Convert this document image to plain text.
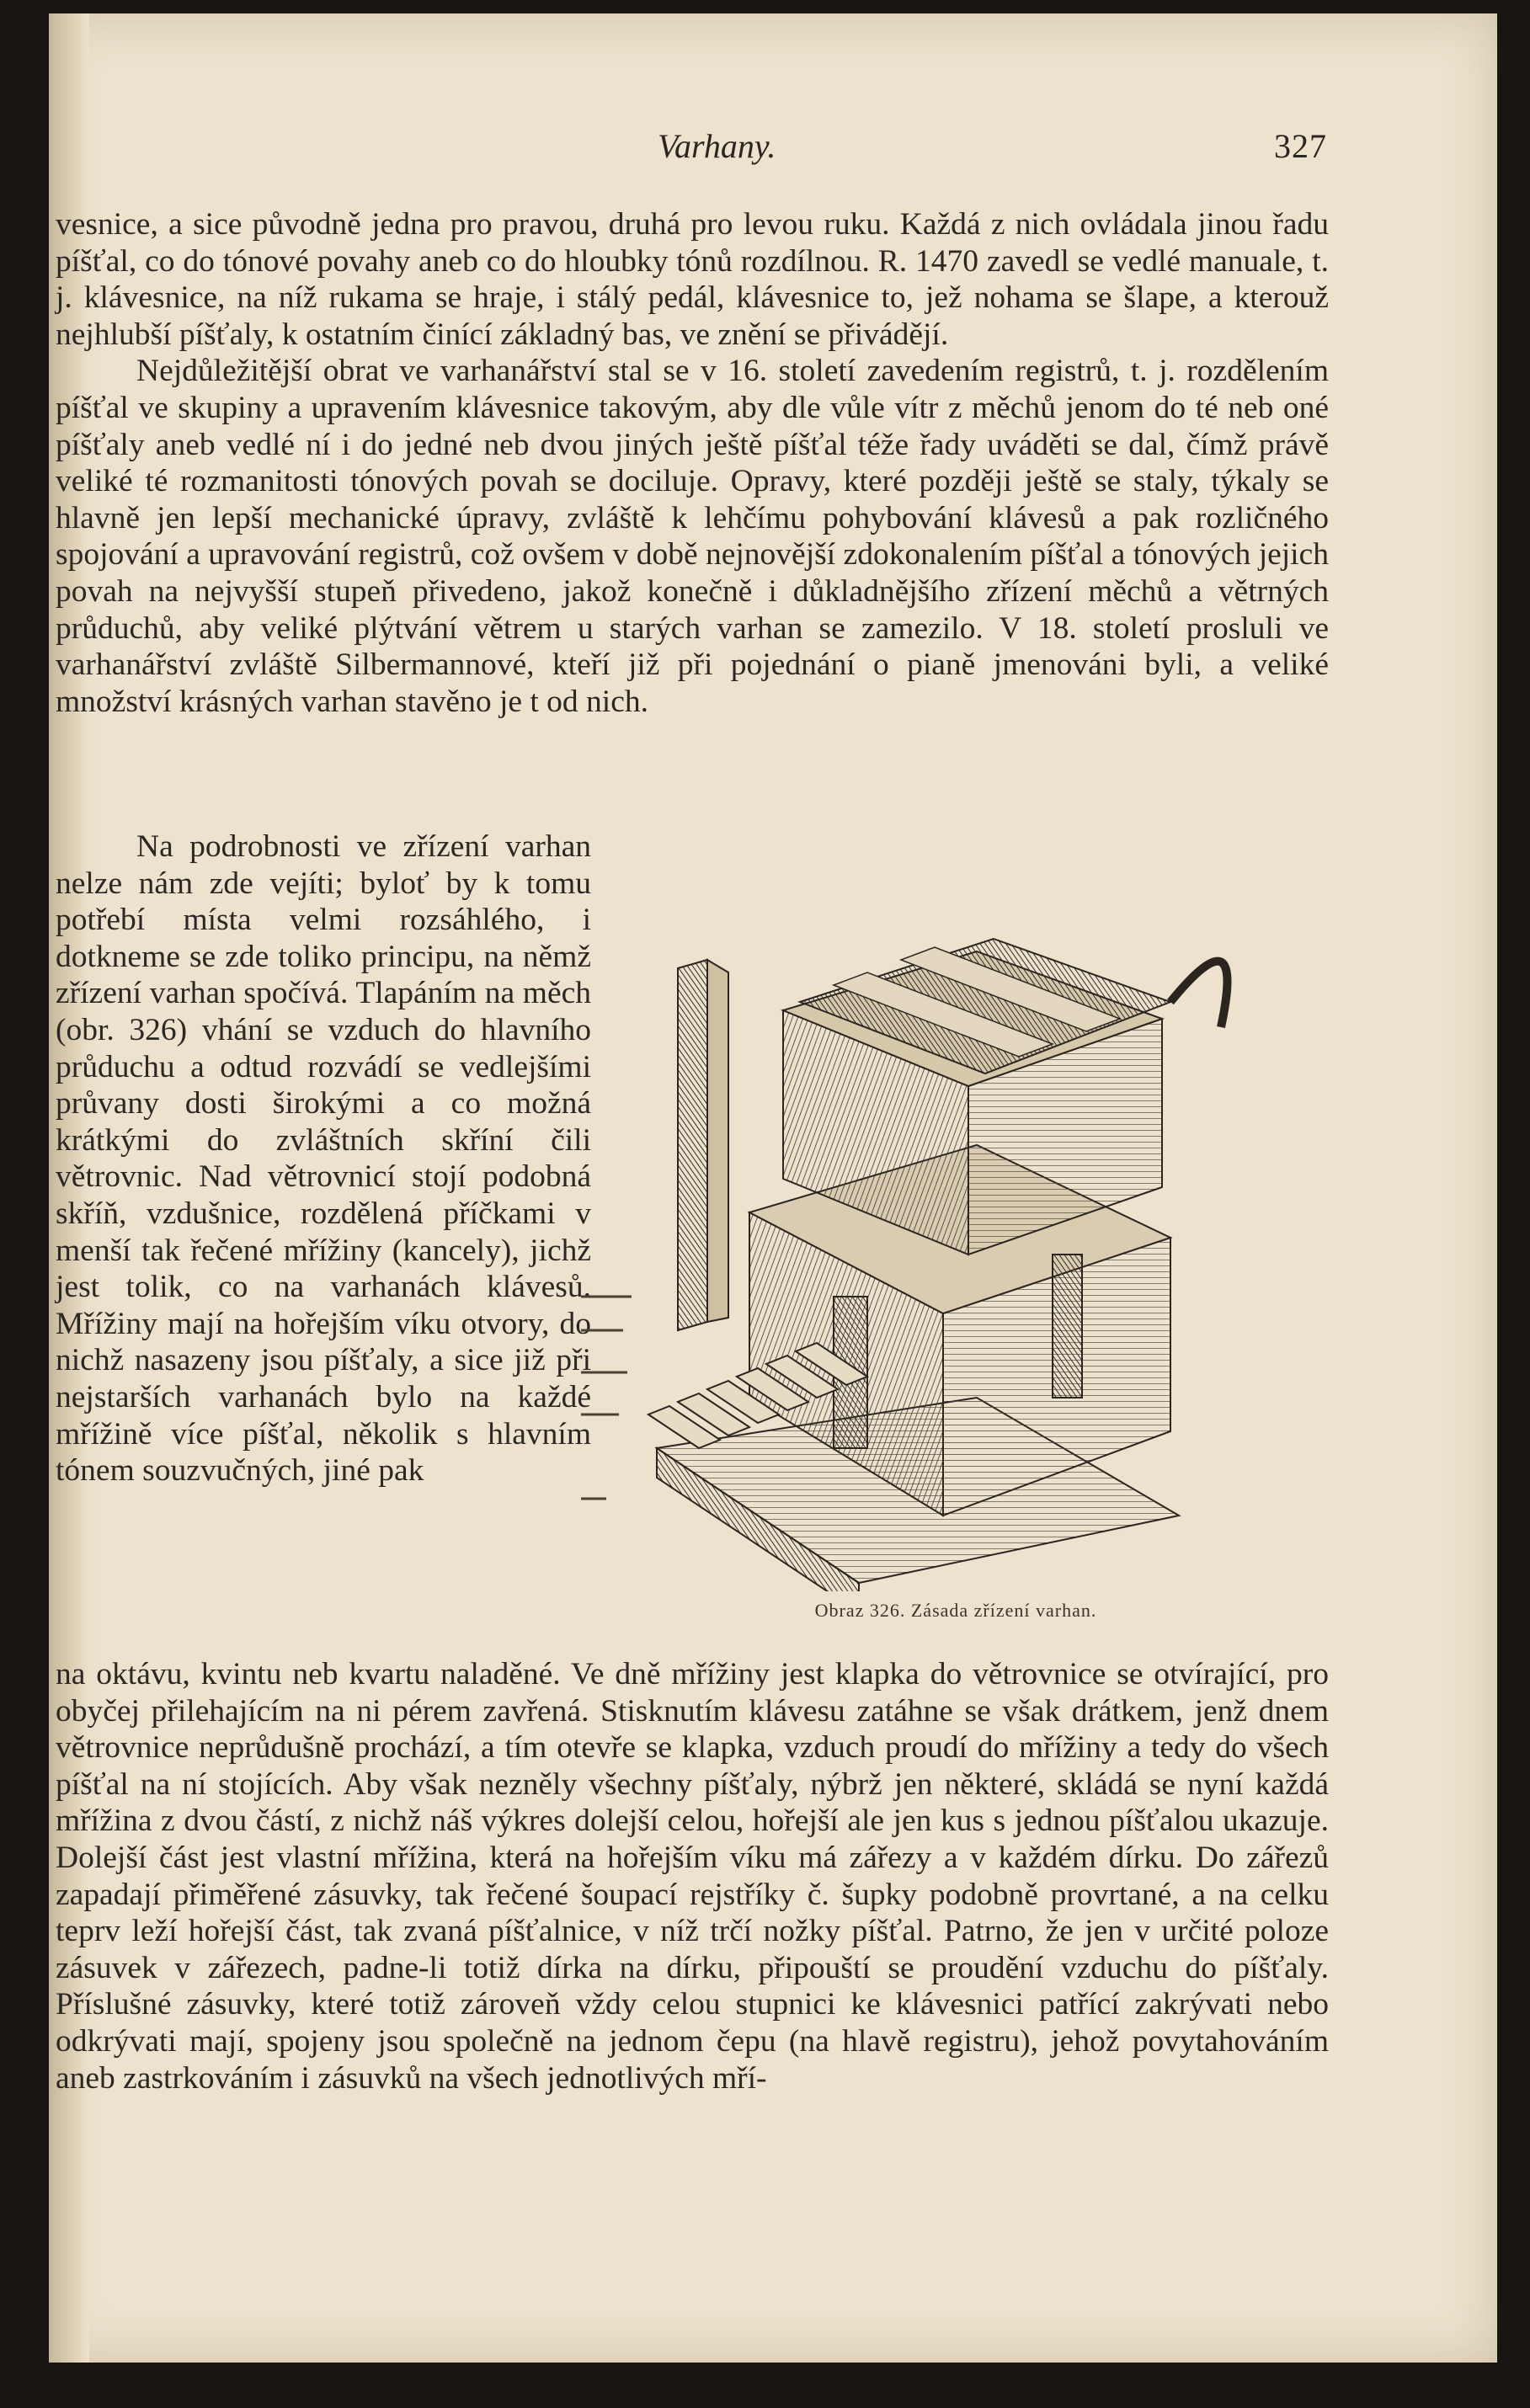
Varhany.	327

vesnice, a sice původně jedna pro pravou, druhá pro levou ruku. Každá z nich ovládala jinou řadu píšťal, co do tónové povahy aneb co do hloubky tónů rozdílnou. R. 1470 zavedl se vedlé manuale, t. j. klávesnice, na níž rukama se hraje, i stálý pedál, klávesnice to, jež nohama se šlape, a kterouž nejhlubší píšťaly, k ostatním činící základný bas, ve znění se přivádějí.

Nejdůležitější obrat ve varhanářství stal se v 16. století zavedením registrů, t. j. rozdělením píšťal ve skupiny a upravením klávesnice takovým, aby dle vůle vítr z měchů jenom do té neb oné píšťaly aneb vedlé ní i do jedné neb dvou jiných ještě píšťal téže řady uváděti se dal, čímž právě veliké té rozmanitosti tónových povah se dociluje. Opravy, které později ještě se staly, týkaly se hlavně jen lepší mechanické úpravy, zvláště k lehčímu pohybování klávesů a pak rozličného spojování a upravování registrů, což ovšem v době nejnovější zdokonalením píšťal a tónových jejich povah na nejvyšší stupeň přivedeno, jakož konečně i důkladnějšího zřízení měchů a větrných průduchů, aby veliké plýtvání větrem u starých varhan se zamezilo. V 18. století prosluli ve varhanářství zvláště Silbermannové, kteří již při pojednání o pianě jmenováni byli, a veliké množství krásných varhan stavěno je t od nich.

Na podrobnosti ve zřízení varhan nelze nám zde vejíti; byloť by k tomu potřebí místa velmi rozsáhlého, i dotkneme se zde toliko principu, na němž zřízení varhan spočívá. Tlapáním na měch (obr. 326) vhání se vzduch do hlavního průduchu a odtud rozvádí se vedlejšími průvany dosti širokými a co možná krátkými do zvláštních skříní čili větrovnic. Nad větrovnicí stojí podobná skříň, vzdušnice, rozdělená příčkami v menší tak řečené mřížiny (kancely), jichž jest tolik, co na varhanách klávesů. Mřížiny mají na hořejším víku otvory, do nichž nasazeny jsou píšťaly, a sice již při nejstarších varhanách bylo na každé mřížině více píšťal, několik s hlavním tónem souzvučných, jiné pak

Obraz 326. Zásada zřízení varhan.

na oktávu, kvintu neb kvartu naladěné. Ve dně mřížiny jest klapka do větrovnice se otvírající, pro obyčej přilehajícím na ni pérem zavřená. Stisknutím klávesu zatáhne se však drátkem, jenž dnem větrovnice neprůdušně prochází, a tím otevře se klapka, vzduch proudí do mřížiny a tedy do všech píšťal na ní stojících. Aby však nezněly všechny píšťaly, nýbrž jen některé, skládá se nyní každá mřížina z dvou částí, z nichž náš výkres dolejší celou, hořejší ale jen kus s jednou píšťalou ukazuje. Dolejší část jest vlastní mřížina, která na hořejším víku má zářezy a v každém dírku. Do zářezů zapadají přiměřené zásuvky, tak řečené šoupací rejstříky č. šupky podobně provrtané, a na celku teprv leží hořejší část, tak zvaná píšťalnice, v níž trčí nožky píšťal. Patrno, že jen v určité poloze zásuvek v zářezech, padne-li totiž dírka na dírku, připouští se proudění vzduchu do píšťaly. Příslušné zásuvky, které totiž zároveň vždy celou stupnici ke klávesnici patřící zakrývati nebo odkrývati mají, spojeny jsou společně na jednom čepu (na hlavě registru), jehož povytahováním aneb zastrkováním i zásuvků na všech jednotlivých mří-
